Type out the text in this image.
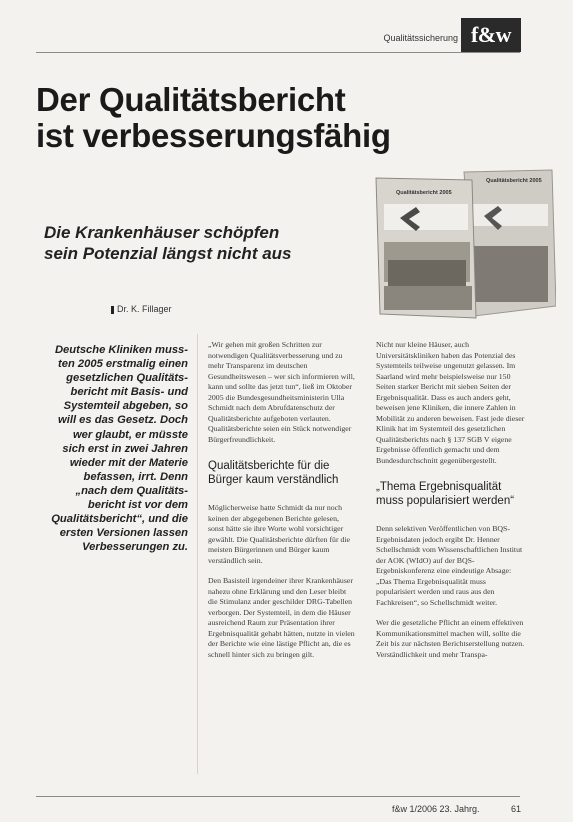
Qualitätssicherung f&w
Der Qualitätsbericht
ist verbesserungsfähig
Die Krankenhäuser schöpfen
sein Potenzial längst nicht aus
Qualitätsbericht 2005
Qualitätsbericht 2005
Dr. K. Fillager
Deutsche Kliniken muss-
ten 2005 erstmalig einen
gesetzlichen Qualitäts-
bericht mit Basis- und
Systemteil abgeben, so
will es das Gesetz. Doch
wer glaubt, er müsste
sich erst in zwei Jahren
wieder mit der Materie
befassen, irrt. Denn
„nach dem Qualitäts-
bericht ist vor dem
Qualitätsbericht“, und die
ersten Versionen lassen
Verbesserungen zu.

„Wir gehen mit großen Schritten zur notwendigen Qualitätsverbesserung und zu mehr Transparenz im deutschen Gesundheitswesen – wer sich informieren will, kann und sollte das jetzt tun“, ließ im Oktober 2005 die Bundesgesundheitsministerin Ulla Schmidt nach dem Abrufdatenschutz der Qualitätsberichte aufgeboten verlauten. Qualitätsberichte seien ein Stück notwendiger Bürgerfreundlichkeit.

Qualitätsberichte für die
Bürger kaum verständlich

Möglicherweise hatte Schmidt da nur noch keinen der abgegebenen Berichte gelesen, sonst hätte sie ihre Worte wohl vorsichtiger gewählt. Die Qualitätsberichte dürften für die meisten Bürgerinnen und Bürger kaum verständlich sein.

Den Basisteil irgendeiner ihrer Krankenhäuser nahezu ohne Erklärung und den Leser bleibt die Stimulanz ander geschilder DRG-Tabellen verborgen. Der Systemteil, in dem die Häuser ausreichend Raum zur Präsentation ihrer Ergebnisqualität gehabt hätten, nutzte in vielen der Berichte wie eine lästige Pflicht an, die es schnell hinter sich zu bringen gilt.

Nicht nur kleine Häuser, auch Universitätskliniken haben das Potenzial des Systemteils teilweise ungenutzt gelassen. Im Saarland wird mehr beispielsweise nur 150 Seiten starker Bericht mit sieben Seiten der Ergebnisqualität. Dass es auch anders geht, beweisen jene Kliniken, die innere Zahlen in Mobilität zu anderen beweisen. Fast jede dieser Klinik hat im Systemteil des gesetzlichen Qualitätsberichts nach § 137 SGB V eigene Ergebnisse öffentlich gemacht und dem Bundesdurchschnitt gegenübergestellt.

„Thema Ergebnisqualität
muss popularisiert werden“

Denn selektiven Veröffentlichen von BQS-Ergebnisdaten jedoch ergibt Dr. Henner Schellschmidt vom Wissenschaftlichen Institut der AOK (WIdO) auf der BQS-Ergebniskonferenz eine eindeutige Absage: „Das Thema Ergebnisqualität muss popularisiert werden und raus aus den Fachkreisen“, so Schellschmidt weiter.

Wer die gesetzliche Pflicht an einem effektiven Kommunikationsmittel machen will, sollte die Zeit bis zur nächsten Berichtserstellung nutzen. Verständlichkeit und mehr Transpa-

f&w 1/2006 23. Jahrg.	61
